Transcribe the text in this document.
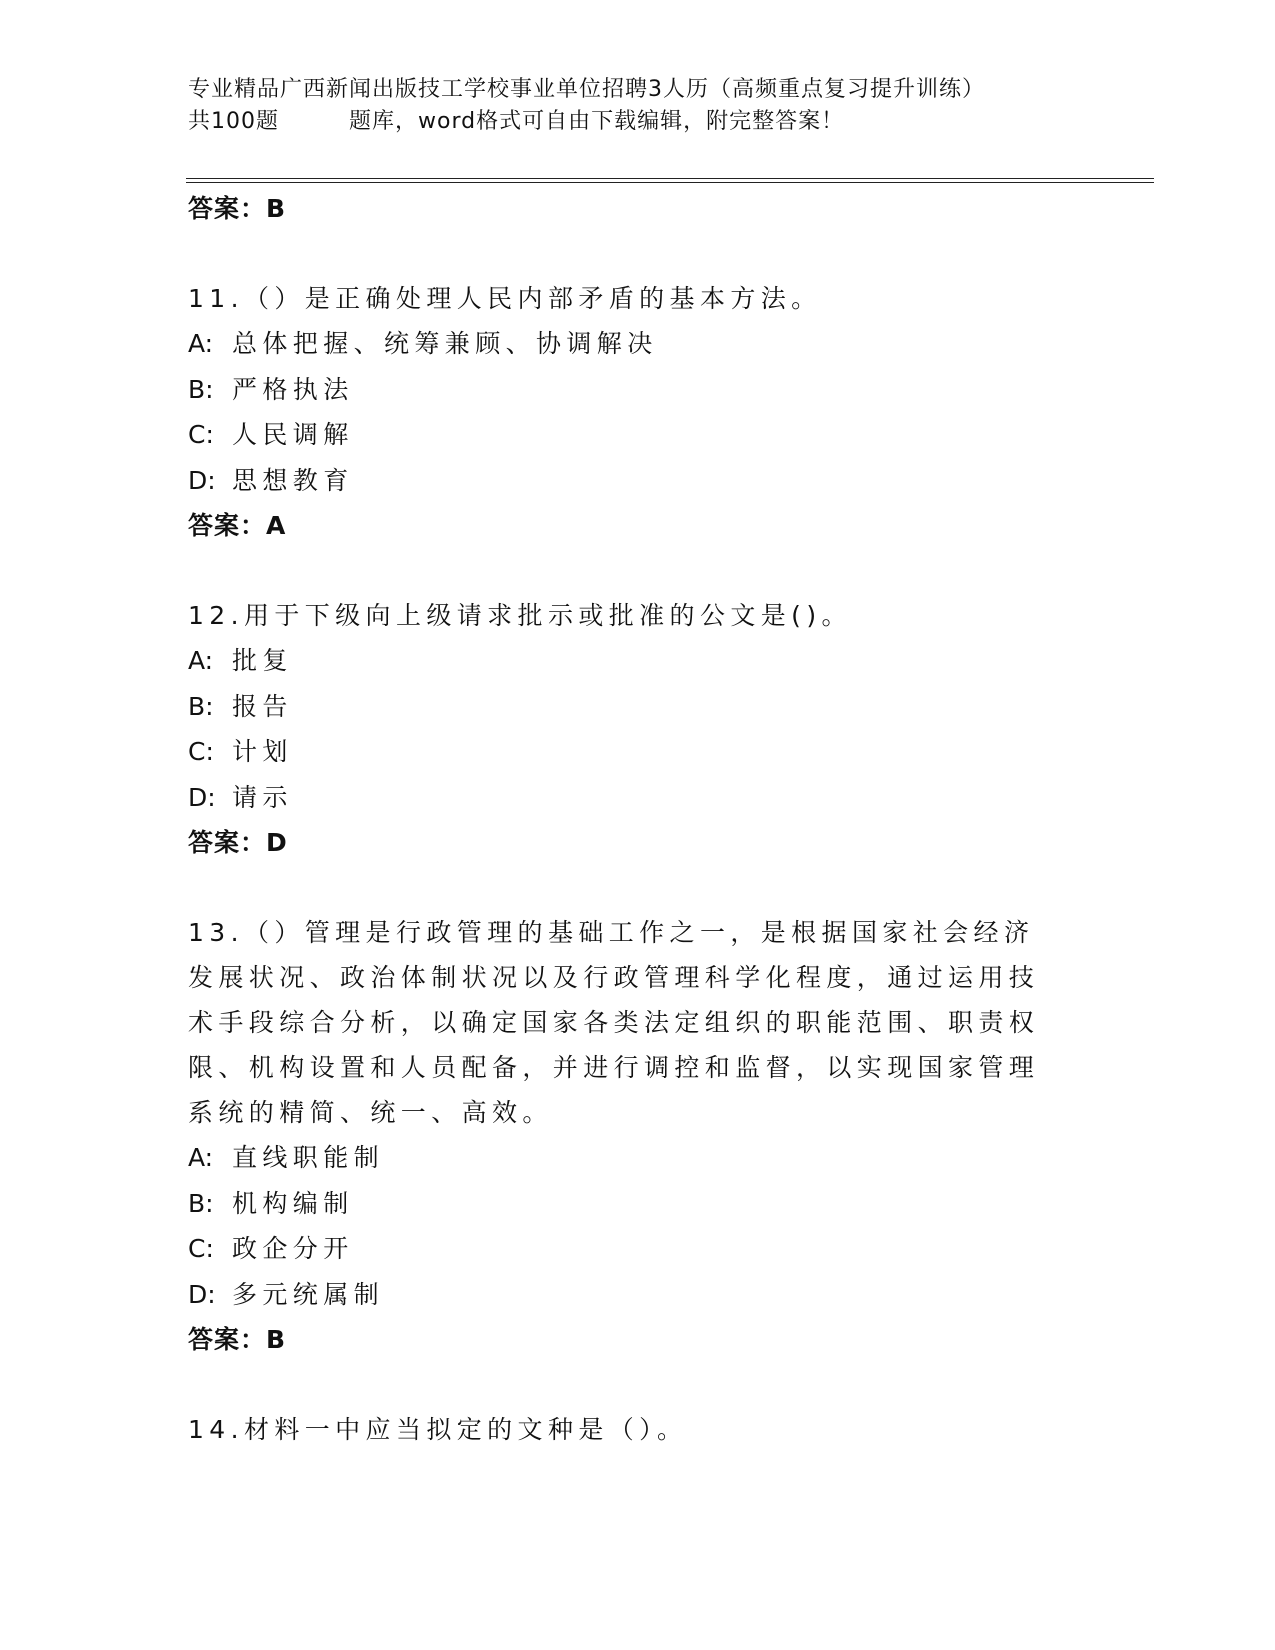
专业精品广西新闻出版技工学校事业单位招聘3人历（高频重点复习提升训练）
共100题	题库，word格式可自由下载编辑，附完整答案！
答案：B
11.（）是正确处理人民内部矛盾的基本方法。
A: 总体把握、统筹兼顾、协调解决
B: 严格执法
C: 人民调解
D: 思想教育
答案：A
12.用于下级向上级请求批示或批准的公文是()。
A: 批复
B: 报告
C: 计划
D: 请示
答案：D
13.（）管理是行政管理的基础工作之一，是根据国家社会经济发展状况、政治体制状况以及行政管理科学化程度，通过运用技术手段综合分析，以确定国家各类法定组织的职能范围、职责权限、机构设置和人员配备，并进行调控和监督，以实现国家管理系统的精简、统一、高效。
A: 直线职能制
B: 机构编制
C: 政企分开
D: 多元统属制
答案：B
14.材料一中应当拟定的文种是（）。
